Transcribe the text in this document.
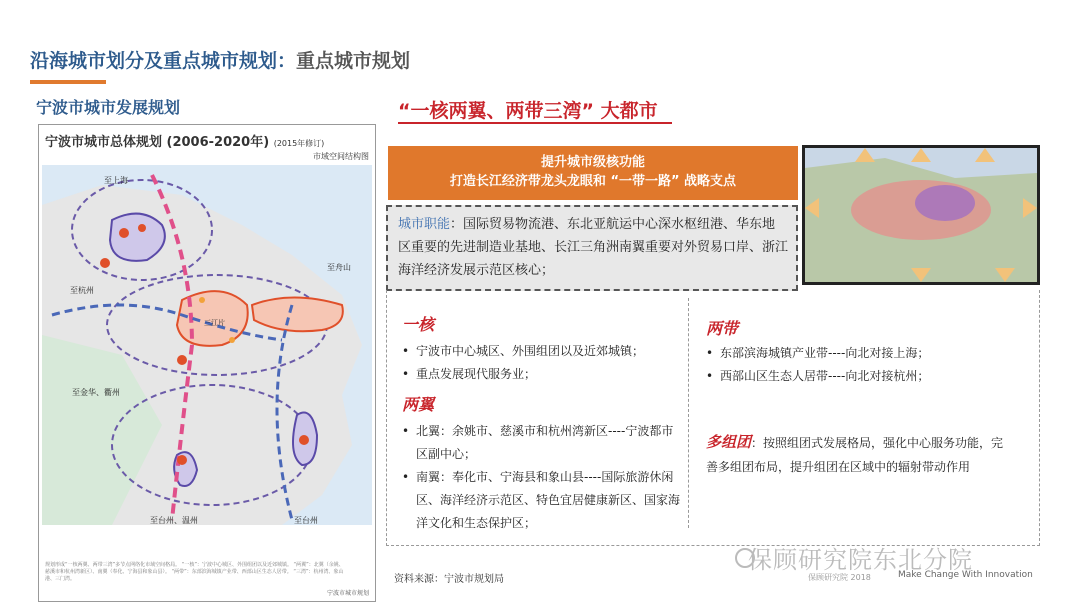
沿海城市划分及重点城市规划：重点城市规划
宁波市城市发展规划
宁波市城市总体规划 (2006-2020年) (2015年修订)
市域空间结构图
至上海
至杭州
至舟山
至金华、衢州
至台州、温州	至台州
三江片
规划形成“一核两翼、两带三湾”多节点网络化市域空间格局。 “一核”：宁波中心城区、外围组团以及近郊城镇。 “两翼”：北翼（余姚、慈溪市和杭州湾新区）、南翼（奉化、宁海县和象山县）。 “两带”：东部滨海城镇产业带、西部山区生态人居带。 “三湾”：杭州湾、象山港、三门湾。
宁波市城市规划
“一核两翼、两带三湾” 大都市
提升城市级核功能
打造长江经济带龙头龙眼和 “一带一路” 战略支点
城市职能：国际贸易物流港、东北亚航运中心深水枢纽港、华东地区重要的先进制造业基地、长江三角洲南翼重要对外贸易口岸、浙江海洋经济发展示范区核心；
一核
• 宁波市中心城区、外围组团以及近郊城镇；
• 重点发展现代服务业；
两翼
• 北翼：余姚市、慈溪市和杭州湾新区----宁波都市区副中心；
• 南翼：奉化市、宁海县和象山县----国际旅游休闲区、海洋经济示范区、特色宜居健康新区、国家海洋文化和生态保护区；
两带
• 东部滨海城镇产业带----向北对接上海；
• 西部山区生态人居带----向北对接杭州；
多组团：按照组团式发展格局，强化中心服务功能，完善多组团布局，提升组团在区域中的辐射带动作用
资料来源：宁波市规划局
保顾研究院东北分院
保顾研究院 2018	Make Change With Innovation
